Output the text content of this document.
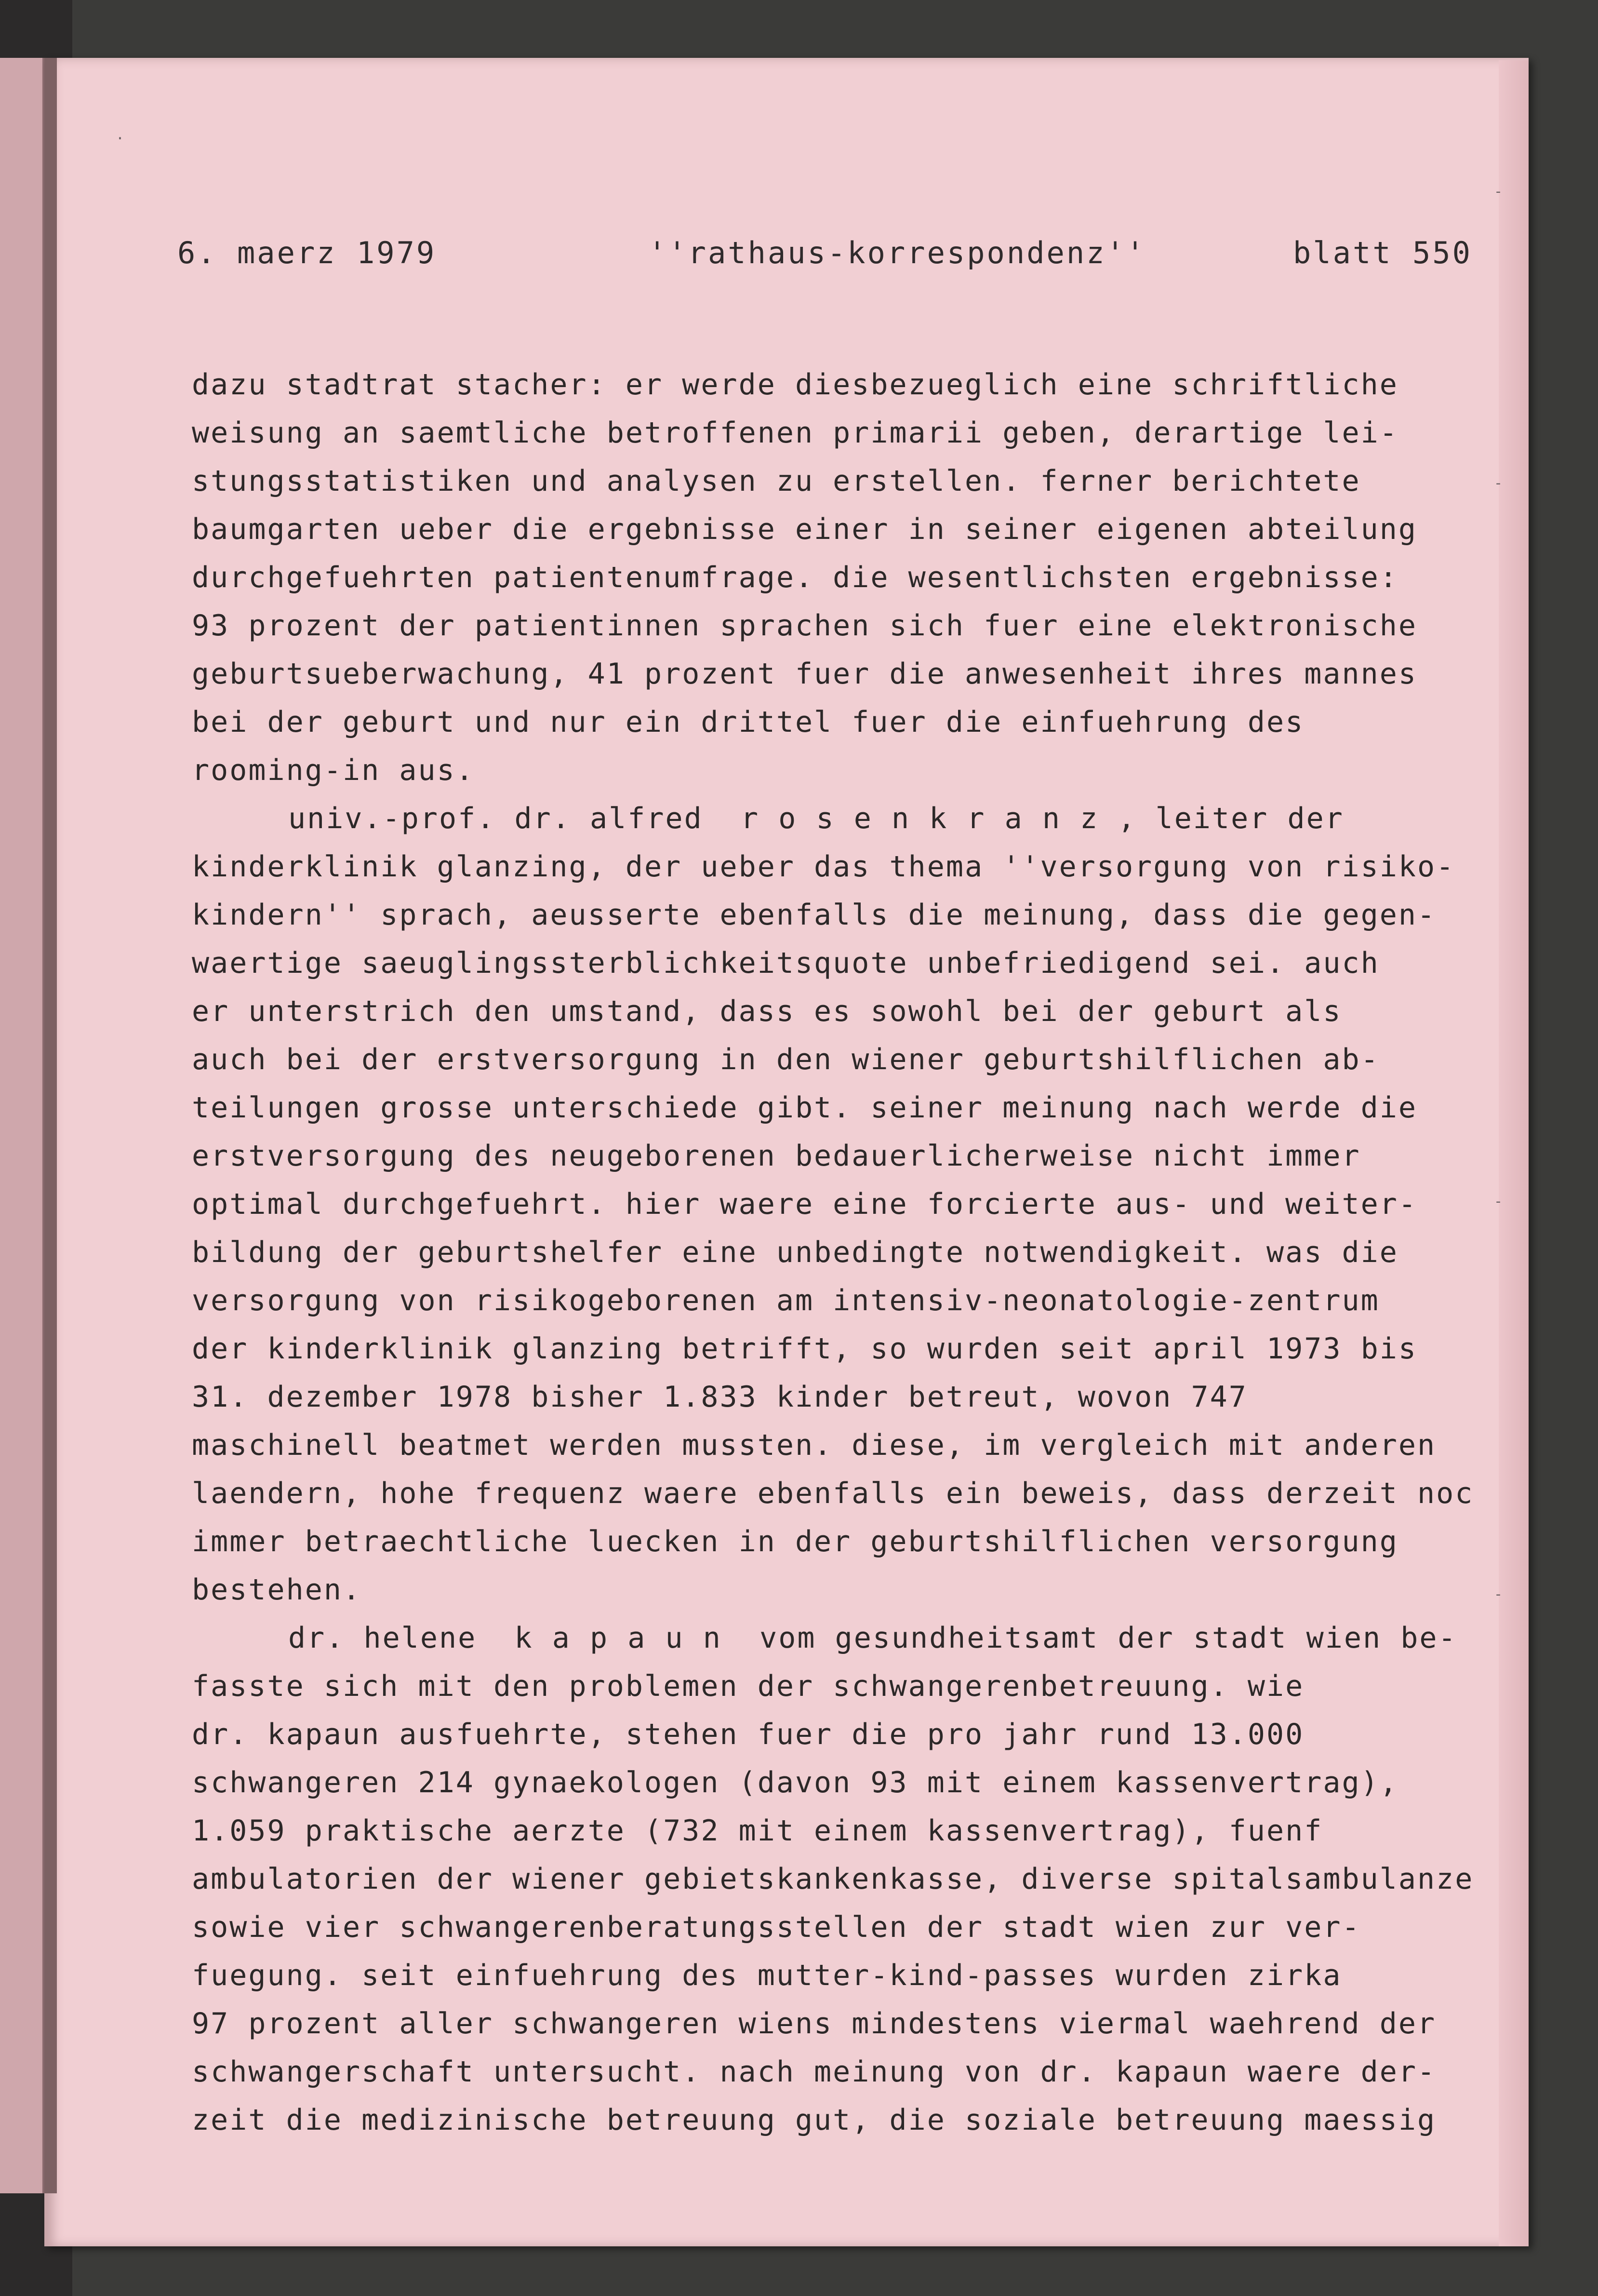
.
-
-
-
-
6. maerz 1979	''rathaus-korrespondenz''	blatt 550
dazu stadtrat stacher: er werde diesbezueglich eine schriftliche
weisung an saemtliche betroffenen primarii geben, derartige lei-
stungsstatistiken und analysen zu erstellen. ferner berichtete
baumgarten ueber die ergebnisse einer in seiner eigenen abteilung
durchgefuehrten patientenumfrage. die wesentlichsten ergebnisse:
93 prozent der patientinnen sprachen sich fuer eine elektronische
geburtsueberwachung, 41 prozent fuer die anwesenheit ihres mannes
bei der geburt und nur ein drittel fuer die einfuehrung des
rooming-in aus.
univ.-prof. dr. alfred  r o s e n k r a n z , leiter der
kinderklinik glanzing, der ueber das thema ''versorgung von risiko-
kindern'' sprach, aeusserte ebenfalls die meinung, dass die gegen-
waertige saeuglingssterblichkeitsquote unbefriedigend sei. auch
er unterstrich den umstand, dass es sowohl bei der geburt als
auch bei der erstversorgung in den wiener geburtshilflichen ab-
teilungen grosse unterschiede gibt. seiner meinung nach werde die
erstversorgung des neugeborenen bedauerlicherweise nicht immer
optimal durchgefuehrt. hier waere eine forcierte aus- und weiter-
bildung der geburtshelfer eine unbedingte notwendigkeit. was die
versorgung von risikogeborenen am intensiv-neonatologie-zentrum
der kinderklinik glanzing betrifft, so wurden seit april 1973 bis
31. dezember 1978 bisher 1.833 kinder betreut, wovon 747
maschinell beatmet werden mussten. diese, im vergleich mit anderen
laendern, hohe frequenz waere ebenfalls ein beweis, dass derzeit noc
immer betraechtliche luecken in der geburtshilflichen versorgung
bestehen.
dr. helene  k a p a u n  vom gesundheitsamt der stadt wien be-
fasste sich mit den problemen der schwangerenbetreuung. wie
dr. kapaun ausfuehrte, stehen fuer die pro jahr rund 13.000
schwangeren 214 gynaekologen (davon 93 mit einem kassenvertrag),
1.059 praktische aerzte (732 mit einem kassenvertrag), fuenf
ambulatorien der wiener gebietskankenkasse, diverse spitalsambulanze
sowie vier schwangerenberatungsstellen der stadt wien zur ver-
fuegung. seit einfuehrung des mutter-kind-passes wurden zirka
97 prozent aller schwangeren wiens mindestens viermal waehrend der
schwangerschaft untersucht. nach meinung von dr. kapaun waere der-
zeit die medizinische betreuung gut, die soziale betreuung maessig
